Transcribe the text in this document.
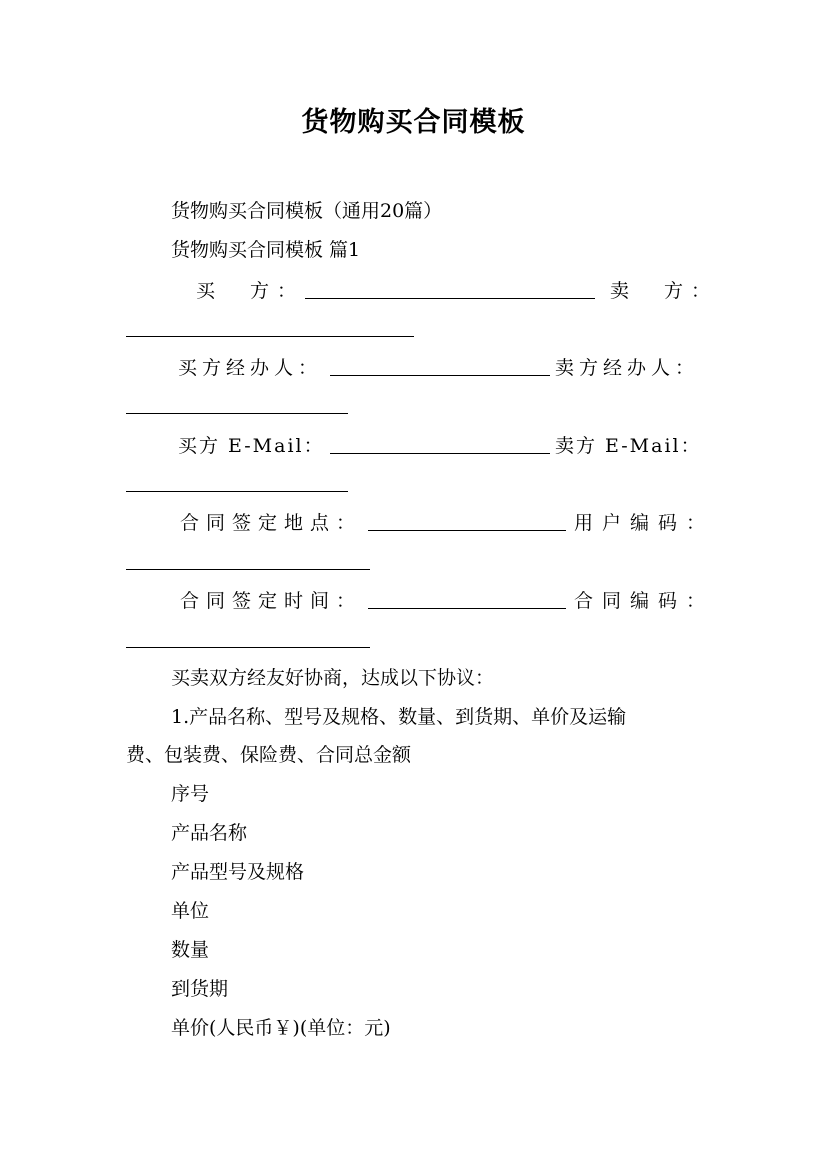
货物购买合同模板
货物购买合同模板（通用20篇）
货物购买合同模板 篇1
买　方：	卖　方：
买方经办人：	卖方经办人：
买方 E-Mail：	卖方 E-Mail：
合同签定地点：	用户编码：
合同签定时间：	合同编码：
买卖双方经友好协商，达成以下协议：
1.产品名称、型号及规格、数量、到货期、单价及运输
费、包装费、保险费、合同总金额
序号
产品名称
产品型号及规格
单位
数量
到货期
单价(人民币￥)(单位：元)
